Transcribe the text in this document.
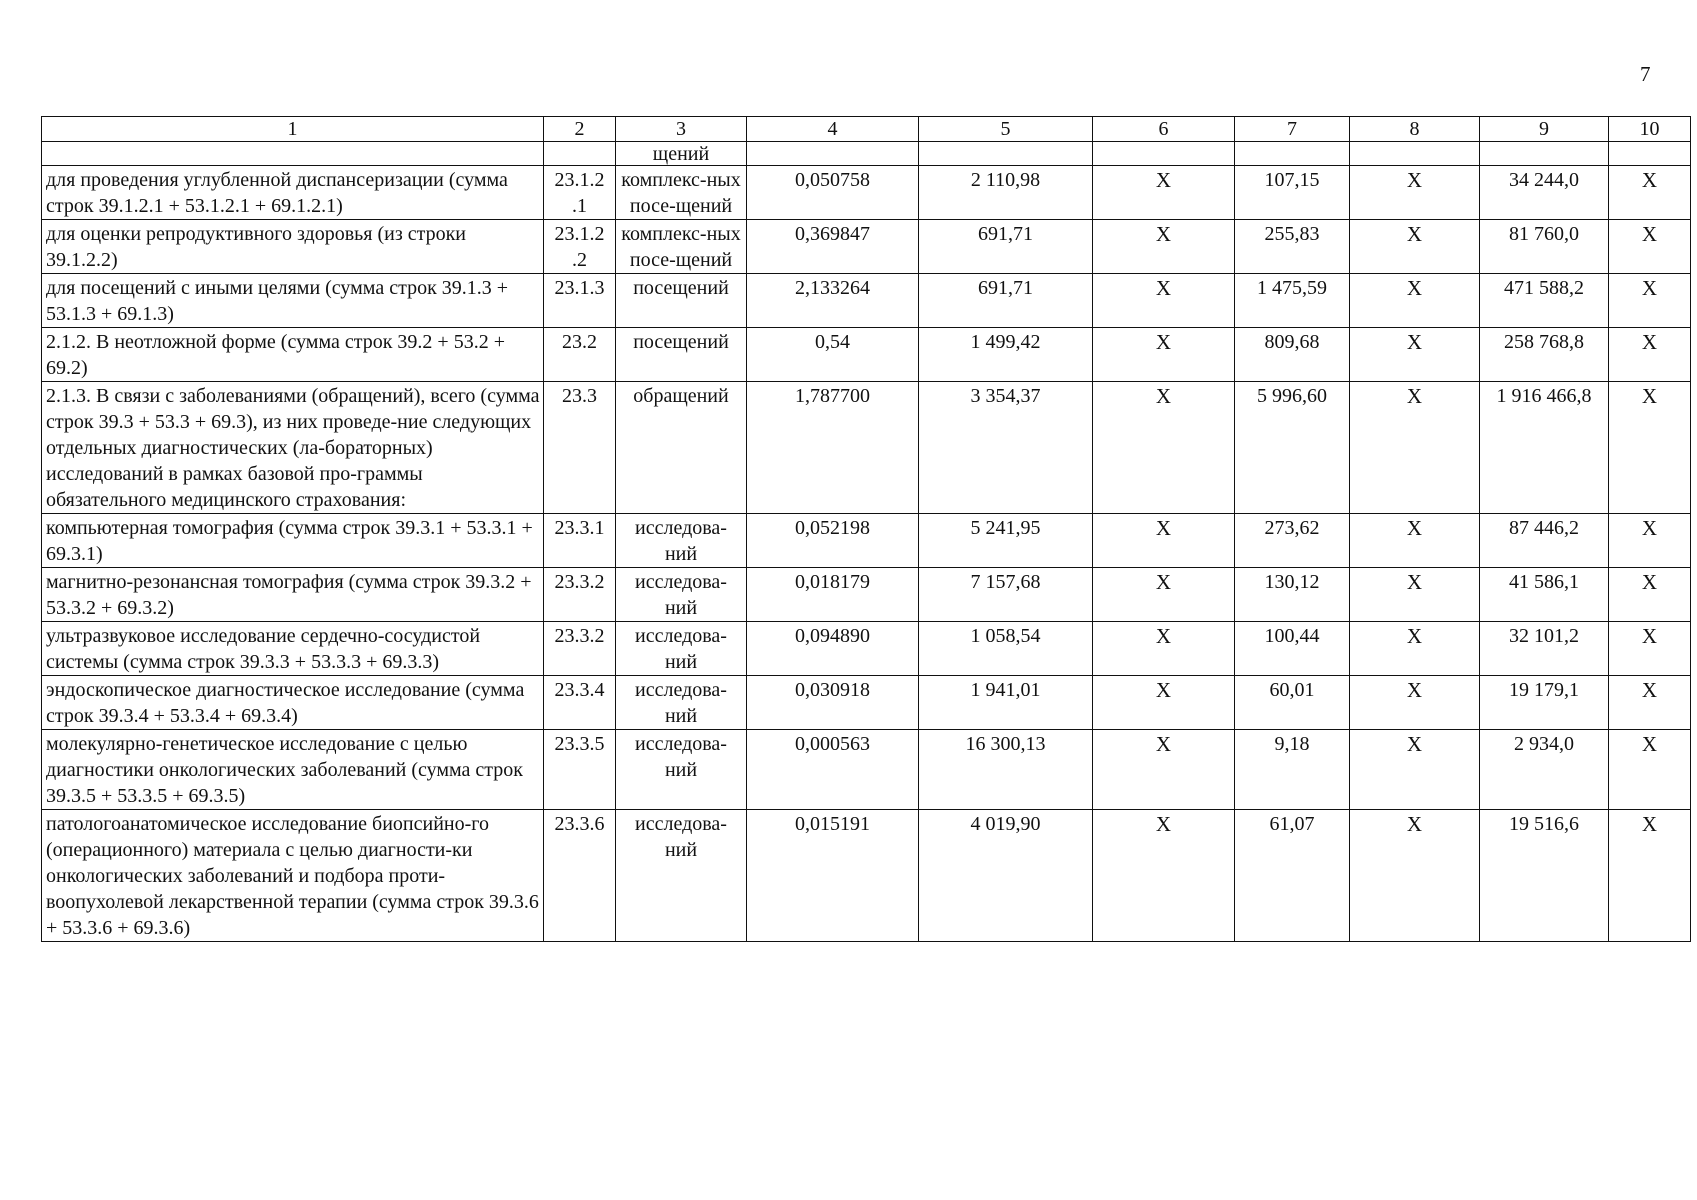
7
1	2	3	4	5	6	7	8	9	10
		щений							
для проведения углубленной диспансеризации (сумма строк 39.1.2.1 + 53.1.2.1 + 69.1.2.1)	23.1.2 .1	комплекс-ных посе-щений	0,050758	2 110,98	X	107,15	X	34 244,0	X
для оценки репродуктивного здоровья (из строки 39.1.2.2)	23.1.2 .2	комплекс-ных посе-щений	0,369847	691,71	X	255,83	X	81 760,0	X
для посещений с иными целями (сумма строк 39.1.3 + 53.1.3 + 69.1.3)	23.1.3	посещений	2,133264	691,71	X	1 475,59	X	471 588,2	X
2.1.2. В неотложной форме (сумма строк 39.2 + 53.2 + 69.2)	23.2	посещений	0,54	1 499,42	X	809,68	X	258 768,8	X
2.1.3. В связи с заболеваниями (обращений), всего (сумма строк 39.3 + 53.3 + 69.3), из них проведе-ние следующих отдельных диагностических (ла-бораторных) исследований в рамках базовой про-граммы обязательного медицинского страхования:	23.3	обращений	1,787700	3 354,37	X	5 996,60	X	1 916 466,8	X
компьютерная томография (сумма строк 39.3.1 + 53.3.1 + 69.3.1)	23.3.1	исследова-ний	0,052198	5 241,95	X	273,62	X	87 446,2	X
магнитно-резонансная томография (сумма строк 39.3.2 + 53.3.2 + 69.3.2)	23.3.2	исследова-ний	0,018179	7 157,68	X	130,12	X	41 586,1	X
ультразвуковое исследование сердечно-сосудистой системы (сумма строк 39.3.3 + 53.3.3 + 69.3.3)	23.3.2	исследова-ний	0,094890	1 058,54	X	100,44	X	32 101,2	X
эндоскопическое диагностическое исследование (сумма строк 39.3.4 + 53.3.4 + 69.3.4)	23.3.4	исследова-ний	0,030918	1 941,01	X	60,01	X	19 179,1	X
молекулярно-генетическое исследование с целью диагностики онкологических заболеваний (сумма строк 39.3.5 + 53.3.5 + 69.3.5)	23.3.5	исследова-ний	0,000563	16 300,13	X	9,18	X	2 934,0	X
патологоанатомическое исследование биопсийно-го (операционного) материала с целью диагности-ки онкологических заболеваний и подбора проти-воопухолевой лекарственной терапии (сумма строк 39.3.6 + 53.3.6 + 69.3.6)	23.3.6	исследова-ний	0,015191	4 019,90	X	61,07	X	19 516,6	X
